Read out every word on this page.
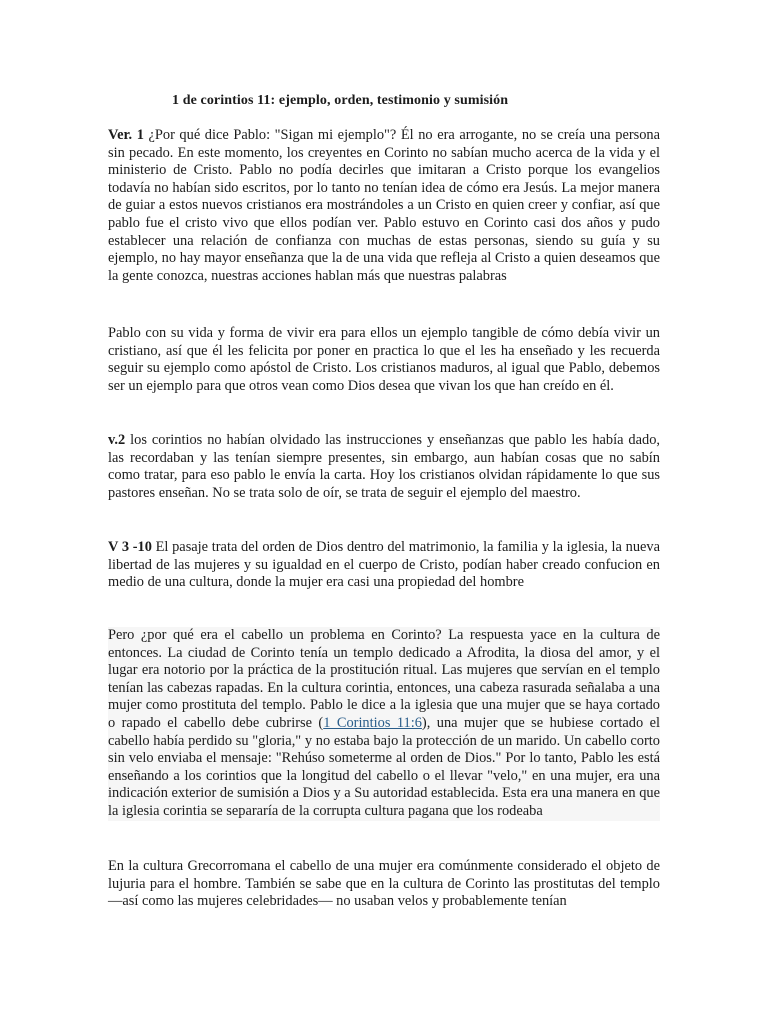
1 de corintios 11: ejemplo, orden, testimonio y sumisión

Ver. 1 ¿Por qué dice Pablo: "Sigan mi ejemplo"? Él no era arrogante, no se creía una persona sin pecado. En este momento, los creyentes en Corinto no sabían mucho acerca de la vida y el ministerio de Cristo. Pablo no podía decirles que imitaran a Cristo porque los evangelios todavía no habían sido escritos, por lo tanto no tenían idea de cómo era Jesús. La mejor manera de guiar a estos nuevos cristianos era mostrándoles a un Cristo en quien creer y confiar, así que pablo fue el cristo vivo que ellos podían ver. Pablo estuvo en Corinto casi dos años y pudo establecer una relación de confianza con muchas de estas personas, siendo su guía y su ejemplo, no hay mayor enseñanza que la de una vida que refleja al Cristo a quien deseamos que la gente conozca, nuestras acciones hablan más que nuestras palabras

Pablo con su vida y forma de vivir era para ellos un ejemplo tangible de cómo debía vivir un cristiano, así que él les felicita por poner en practica lo que el les ha enseñado y les recuerda seguir su ejemplo como apóstol de Cristo. Los cristianos maduros, al igual que Pablo, debemos ser un ejemplo para que otros vean como Dios desea que vivan los que han creído en él.

v.2 los corintios no habían olvidado las instrucciones y enseñanzas que pablo les había dado, las recordaban y las tenían siempre presentes, sin embargo, aun habían cosas que no sabín como tratar, para eso pablo le envía la carta. Hoy los cristianos olvidan rápidamente lo que sus pastores enseñan. No se trata solo de oír, se trata de seguir el ejemplo del maestro.

V 3 -10 El pasaje trata del orden de Dios dentro del matrimonio, la familia y la iglesia, la nueva libertad de las mujeres y su igualdad en el cuerpo de Cristo, podían haber creado confucion en medio de una cultura, donde la mujer era casi una propiedad del hombre

Pero ¿por qué era el cabello un problema en Corinto? La respuesta yace en la cultura de entonces. La ciudad de Corinto tenía un templo dedicado a Afrodita, la diosa del amor, y el lugar era notorio por la práctica de la prostitución ritual. Las mujeres que servían en el templo tenían las cabezas rapadas. En la cultura corintia, entonces, una cabeza rasurada señalaba a una mujer como prostituta del templo. Pablo le dice a la iglesia que una mujer que se haya cortado o rapado el cabello debe cubrirse (1 Corintios 11:6), una mujer que se hubiese cortado el cabello había perdido su "gloria," y no estaba bajo la protección de un marido. Un cabello corto sin velo enviaba el mensaje: "Rehúso someterme al orden de Dios." Por lo tanto, Pablo les está enseñando a los corintios que la longitud del cabello o el llevar "velo," en una mujer, era una indicación exterior de sumisión a Dios y a Su autoridad establecida. Esta era una manera en que la iglesia corintia se separaría de la corrupta cultura pagana que los rodeaba

En la cultura Grecorromana el cabello de una mujer era comúnmente considerado el objeto de lujuria para el hombre. También se sabe que en la cultura de Corinto las prostitutas del templo —así como las mujeres celebridades— no usaban velos y probablemente tenían
